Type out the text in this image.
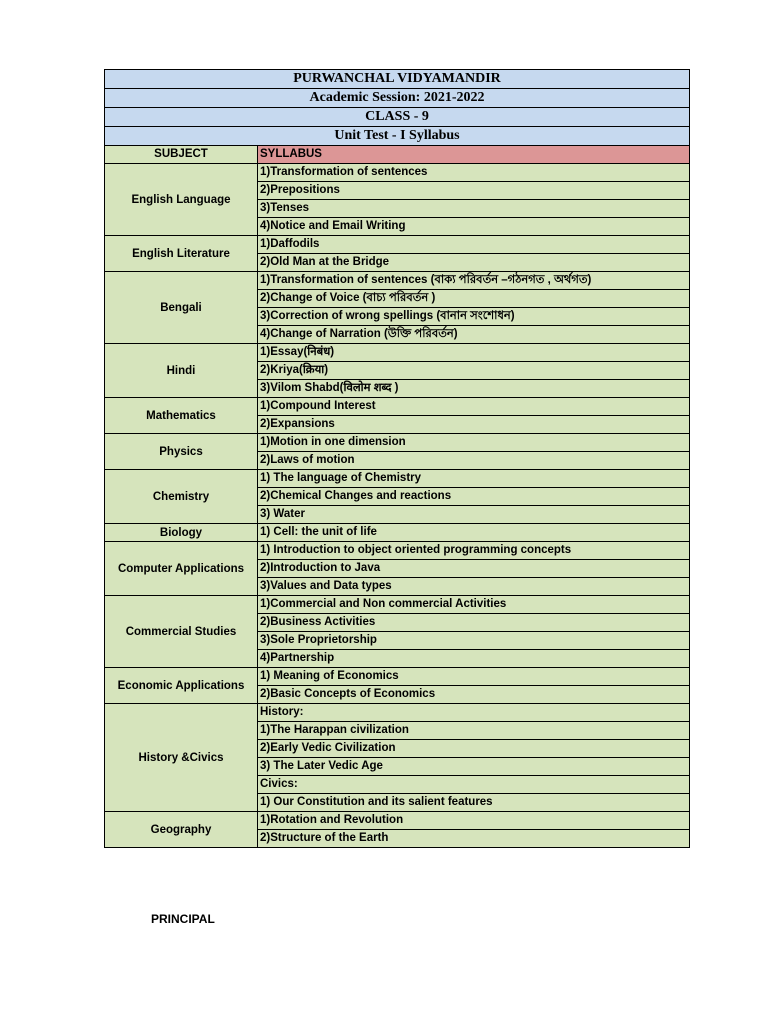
PURWANCHAL VIDYAMANDIR	
Academic Session: 2021-2022	
CLASS - 9	
Unit Test - I Syllabus	
SUBJECT	SYLLABUS
English Language	1)Transformation of sentences
	2)Prepositions
	3)Tenses
	4)Notice and Email Writing
English Literature	1)Daffodils
	2)Old Man at the Bridge
Bengali	1)Transformation of sentences (বাক্য পরিবর্তন –গঠনগত , অর্থগত)
	2)Change of Voice (বাচ্য পরিবর্তন )
	3)Correction of wrong spellings (বানান সংশোধন)
	4)Change of Narration (উক্তি পরিবর্তন)
Hindi	1)Essay(निबंध)
	2)Kriya(क्रिया)
	3)Vilom Shabd(विलोम शब्द )
Mathematics	1)Compound Interest
	2)Expansions
Physics	1)Motion in one dimension
	2)Laws of motion
Chemistry	1) The language of Chemistry
	2)Chemical Changes and reactions
	3) Water
Biology	1) Cell: the unit of life
Computer Applications	1) Introduction to object oriented programming concepts
	2)Introduction to Java
	3)Values and Data types
Commercial Studies	1)Commercial and Non commercial Activities
	2)Business Activities
	3)Sole Proprietorship
	4)Partnership
Economic Applications	1) Meaning of Economics
	2)Basic Concepts of Economics
History &Civics	History:
	1)The Harappan civilization
	2)Early Vedic Civilization
	3) The Later Vedic Age
	Civics:
	1) Our Constitution and its salient features
Geography	1)Rotation and Revolution
	2)Structure of the Earth
PRINCIPAL
